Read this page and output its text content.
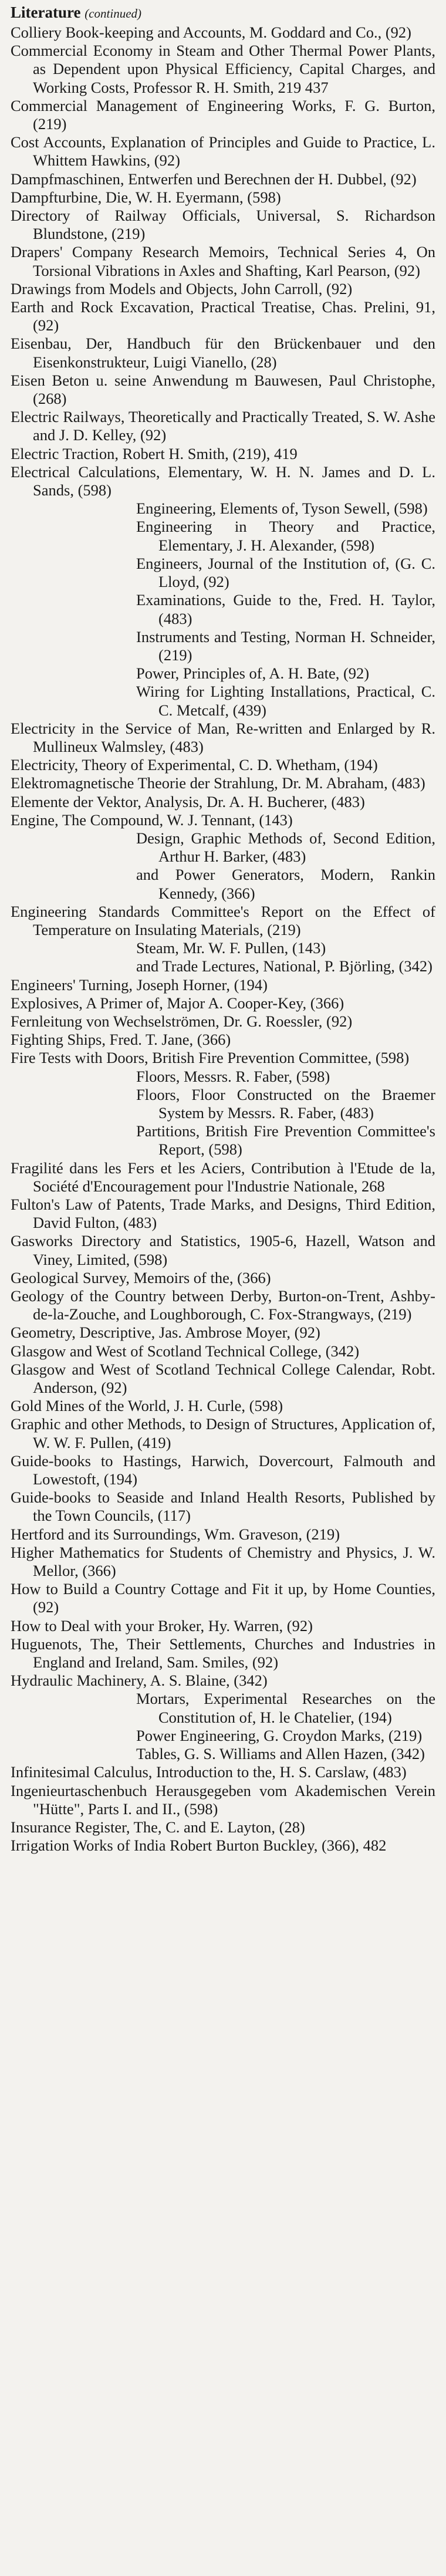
Literature (continued)
Colliery Book-keeping and Accounts, M. Goddard and Co., (92)
Commercial Economy in Steam and Other Thermal Power Plants, as Dependent upon Physical Efficiency, Capital Charges, and Working Costs, Professor R. H. Smith, 219 437
Commercial Management of Engineering Works, F. G. Burton, (219)
Cost Accounts, Explanation of Principles and Guide to Practice, L. Whittem Hawkins, (92)
Dampfmaschinen, Entwerfen und Berechnen der H. Dubbel, (92)
Dampfturbine, Die, W. H. Eyermann, (598)
Directory of Railway Officials, Universal, S. Richardson Blundstone, (219)
Drapers' Company Research Memoirs, Technical Series 4, On Torsional Vibrations in Axles and Shafting, Karl Pearson, (92)
Drawings from Models and Objects, John Carroll, (92)
Earth and Rock Excavation, Practical Treatise, Chas. Prelini, 91, (92)
Eisenbau, Der, Handbuch für den Brückenbauer und den Eisenkonstrukteur, Luigi Vianello, (28)
Eisen Beton u. seine Anwendung m Bauwesen, Paul Christophe, (268)
Electric Railways, Theoretically and Practically Treated, S. W. Ashe and J. D. Kelley, (92)
Electric Traction, Robert H. Smith, (219), 419
Electrical Calculations, Elementary, W. H. N. James and D. L. Sands, (598)
Engineering, Elements of, Tyson Sewell, (598)
Engineering in Theory and Practice, Elementary, J. H. Alexander, (598)
Engineers, Journal of the Institution of, (G. C. Lloyd, (92)
Examinations, Guide to the, Fred. H. Taylor, (483)
Instruments and Testing, Norman H. Schneider, (219)
Power, Principles of, A. H. Bate, (92)
Wiring for Lighting Installations, Practical, C. C. Metcalf, (439)
Electricity in the Service of Man, Re-written and Enlarged by R. Mullineux Walmsley, (483)
Electricity, Theory of Experimental, C. D. Whetham, (194)
Elektromagnetische Theorie der Strahlung, Dr. M. Abraham, (483)
Elemente der Vektor, Analysis, Dr. A. H. Bucherer, (483)
Engine, The Compound, W. J. Tennant, (143)
Design, Graphic Methods of, Second Edition, Arthur H. Barker, (483)
and Power Generators, Modern, Rankin Kennedy, (366)
Engineering Standards Committee's Report on the Effect of Temperature on Insulating Materials, (219)
Steam, Mr. W. F. Pullen, (143)
and Trade Lectures, National, P. Björling, (342)
Engineers' Turning, Joseph Horner, (194)
Explosives, A Primer of, Major A. Cooper-Key, (366)
Fernleitung von Wechselströmen, Dr. G. Roessler, (92)
Fighting Ships, Fred. T. Jane, (366)
Fire Tests with Doors, British Fire Prevention Committee, (598)
Floors, Messrs. R. Faber, (598)
Floors, Floor Constructed on the Braemer System by Messrs. R. Faber, (483)
Partitions, British Fire Prevention Committee's Report, (598)
Fragilité dans les Fers et les Aciers, Contribution à l'Etude de la, Société d'Encouragement pour l'Industrie Nationale, 268
Fulton's Law of Patents, Trade Marks, and Designs, Third Edition, David Fulton, (483)
Gasworks Directory and Statistics, 1905-6, Hazell, Watson and Viney, Limited, (598)
Geological Survey, Memoirs of the, (366)
Geology of the Country between Derby, Burton-on-Trent, Ashby-de-la-Zouche, and Loughborough, C. Fox-Strangways, (219)
Geometry, Descriptive, Jas. Ambrose Moyer, (92)
Glasgow and West of Scotland Technical College, (342)
Glasgow and West of Scotland Technical College Calendar, Robt. Anderson, (92)
Gold Mines of the World, J. H. Curle, (598)
Graphic and other Methods, to Design of Structures, Application of, W. W. F. Pullen, (419)
Guide-books to Hastings, Harwich, Dovercourt, Falmouth and Lowestoft, (194)
Guide-books to Seaside and Inland Health Resorts, Published by the Town Councils, (117)
Hertford and its Surroundings, Wm. Graveson, (219)
Higher Mathematics for Students of Chemistry and Physics, J. W. Mellor, (366)
How to Build a Country Cottage and Fit it up, by Home Counties, (92)
How to Deal with your Broker, Hy. Warren, (92)
Huguenots, The, Their Settlements, Churches and Industries in England and Ireland, Sam. Smiles, (92)
Hydraulic Machinery, A. S. Blaine, (342)
Mortars, Experimental Researches on the Constitution of, H. le Chatelier, (194)
Power Engineering, G. Croydon Marks, (219)
Tables, G. S. Williams and Allen Hazen, (342)
Infinitesimal Calculus, Introduction to the, H. S. Carslaw, (483)
Ingenieurtaschenbuch Herausgegeben vom Akademischen Verein "Hütte", Parts I. and II., (598)
Insurance Register, The, C. and E. Layton, (28)
Irrigation Works of India Robert Burton Buckley, (366), 482
